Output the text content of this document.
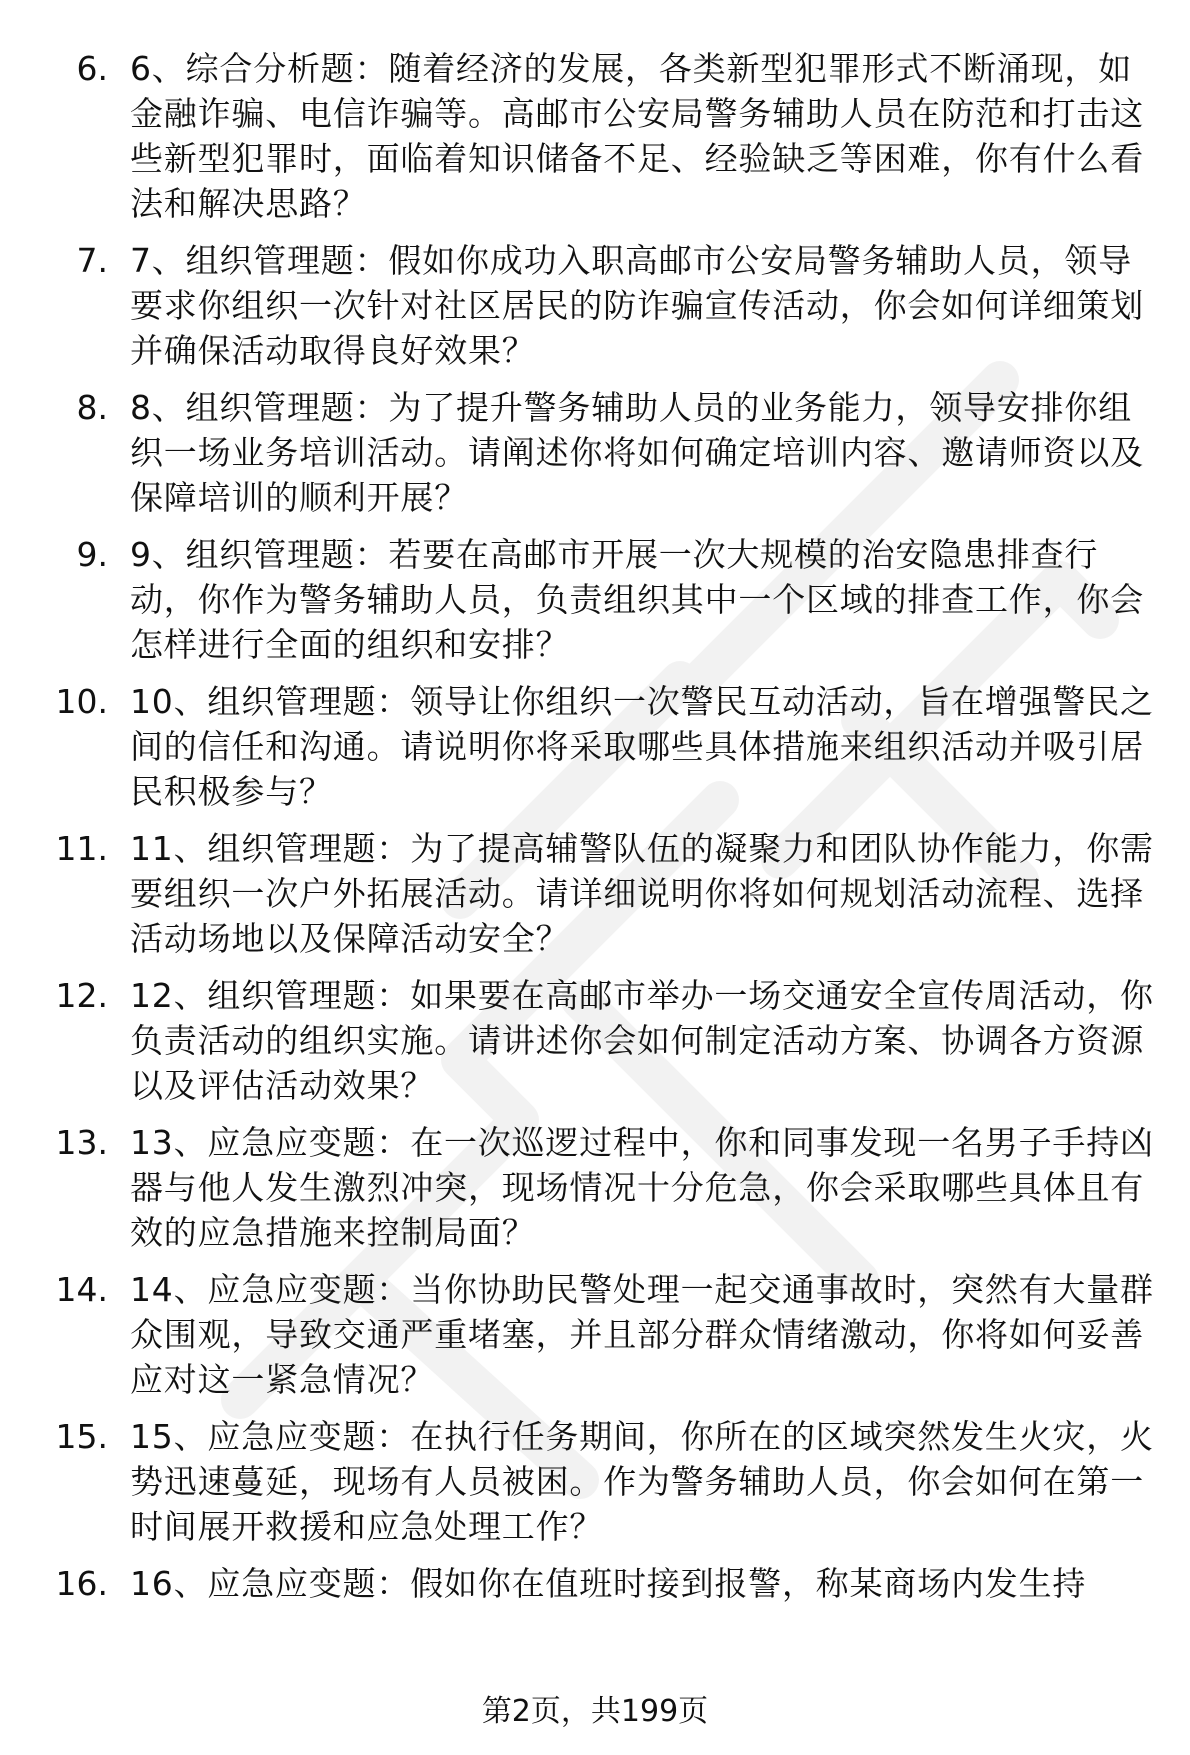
6. 6、综合分析题：随着经济的发展，各类新型犯罪形式不断涌现，如金融诈骗、电信诈骗等。高邮市公安局警务辅助人员在防范和打击这些新型犯罪时，面临着知识储备不足、经验缺乏等困难，你有什么看法和解决思路？
7. 7、组织管理题：假如你成功入职高邮市公安局警务辅助人员，领导要求你组织一次针对社区居民的防诈骗宣传活动，你会如何详细策划并确保活动取得良好效果？
8. 8、组织管理题：为了提升警务辅助人员的业务能力，领导安排你组织一场业务培训活动。请阐述你将如何确定培训内容、邀请师资以及保障培训的顺利开展？
9. 9、组织管理题：若要在高邮市开展一次大规模的治安隐患排查行动，你作为警务辅助人员，负责组织其中一个区域的排查工作，你会怎样进行全面的组织和安排？
10. 10、组织管理题：领导让你组织一次警民互动活动，旨在增强警民之间的信任和沟通。请说明你将采取哪些具体措施来组织活动并吸引居民积极参与？
11. 11、组织管理题：为了提高辅警队伍的凝聚力和团队协作能力，你需要组织一次户外拓展活动。请详细说明你将如何规划活动流程、选择活动场地以及保障活动安全？
12. 12、组织管理题：如果要在高邮市举办一场交通安全宣传周活动，你负责活动的组织实施。请讲述你会如何制定活动方案、协调各方资源以及评估活动效果？
13. 13、应急应变题：在一次巡逻过程中，你和同事发现一名男子手持凶器与他人发生激烈冲突，现场情况十分危急，你会采取哪些具体且有效的应急措施来控制局面？
14. 14、应急应变题：当你协助民警处理一起交通事故时，突然有大量群众围观，导致交通严重堵塞，并且部分群众情绪激动，你将如何妥善应对这一紧急情况？
15. 15、应急应变题：在执行任务期间，你所在的区域突然发生火灾，火势迅速蔓延，现场有人员被困。作为警务辅助人员，你会如何在第一时间展开救援和应急处理工作？
16. 16、应急应变题：假如你在值班时接到报警，称某商场内发生持
第2页，共199页
